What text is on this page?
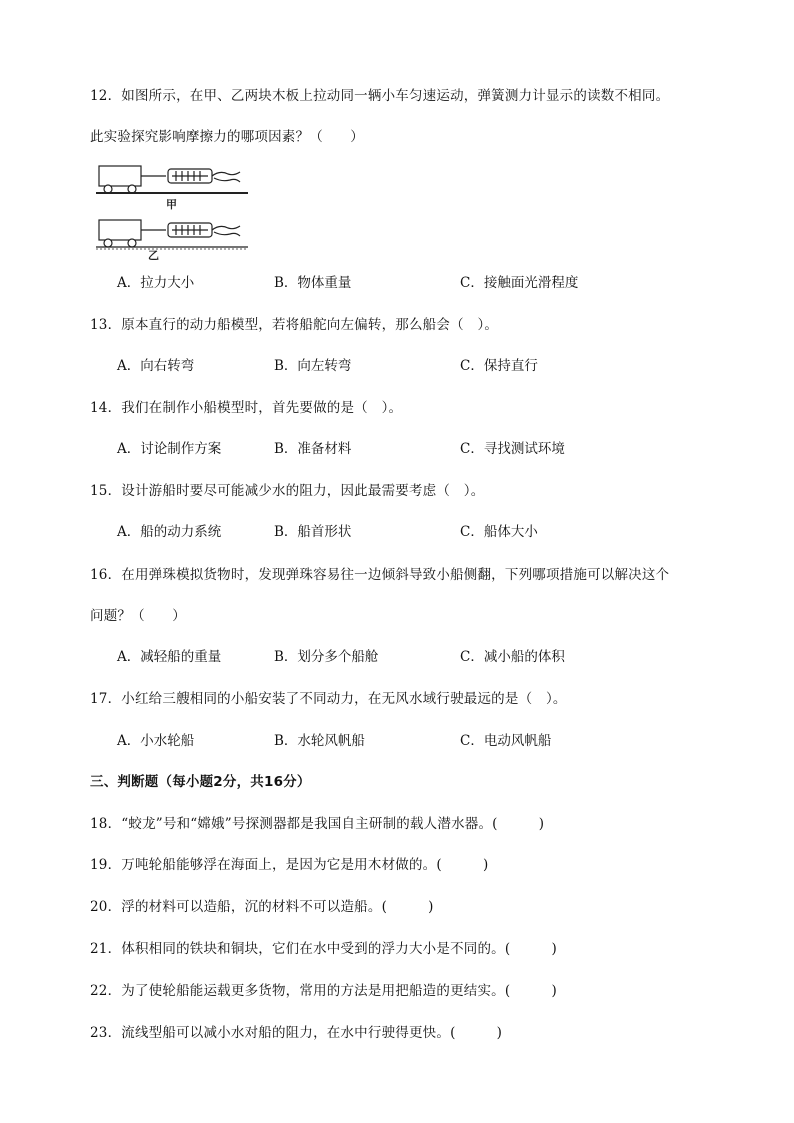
12．如图所示，在甲、乙两块木板上拉动同一辆小车匀速运动，弹簧测力计显示的读数不相同。
此实验探究影响摩擦力的哪项因素？（　　）
甲
乙
A．拉力大小	B．物体重量	C．接触面光滑程度
13．原本直行的动力船模型，若将船舵向左偏转，那么船会（　）。
A．向右转弯	B．向左转弯	C．保持直行
14．我们在制作小船模型时，首先要做的是（　）。
A．讨论制作方案	B．准备材料	C．寻找测试环境
15．设计游船时要尽可能减少水的阻力，因此最需要考虑（　）。
A．船的动力系统	B．船首形状	C．船体大小
16．在用弹珠模拟货物时，发现弹珠容易往一边倾斜导致小船侧翻，下列哪项措施可以解决这个
问题？（　　）
A．减轻船的重量	B．划分多个船舱	C．减小船的体积
17．小红给三艘相同的小船安装了不同动力，在无风水域行驶最远的是（　）。
A．小水轮船	B．水轮风帆船	C．电动风帆船
三、判断题（每小题2分，共16分）
18．“蛟龙”号和“嫦娥”号探测器都是我国自主研制的载人潜水器。(　　　)
19．万吨轮船能够浮在海面上，是因为它是用木材做的。(　　　)
20．浮的材料可以造船，沉的材料不可以造船。(　　　)
21．体积相同的铁块和铜块，它们在水中受到的浮力大小是不同的。(　　　)
22．为了使轮船能运载更多货物，常用的方法是用把船造的更结实。(　　　)
23．流线型船可以减小水对船的阻力，在水中行驶得更快。(　　　)
